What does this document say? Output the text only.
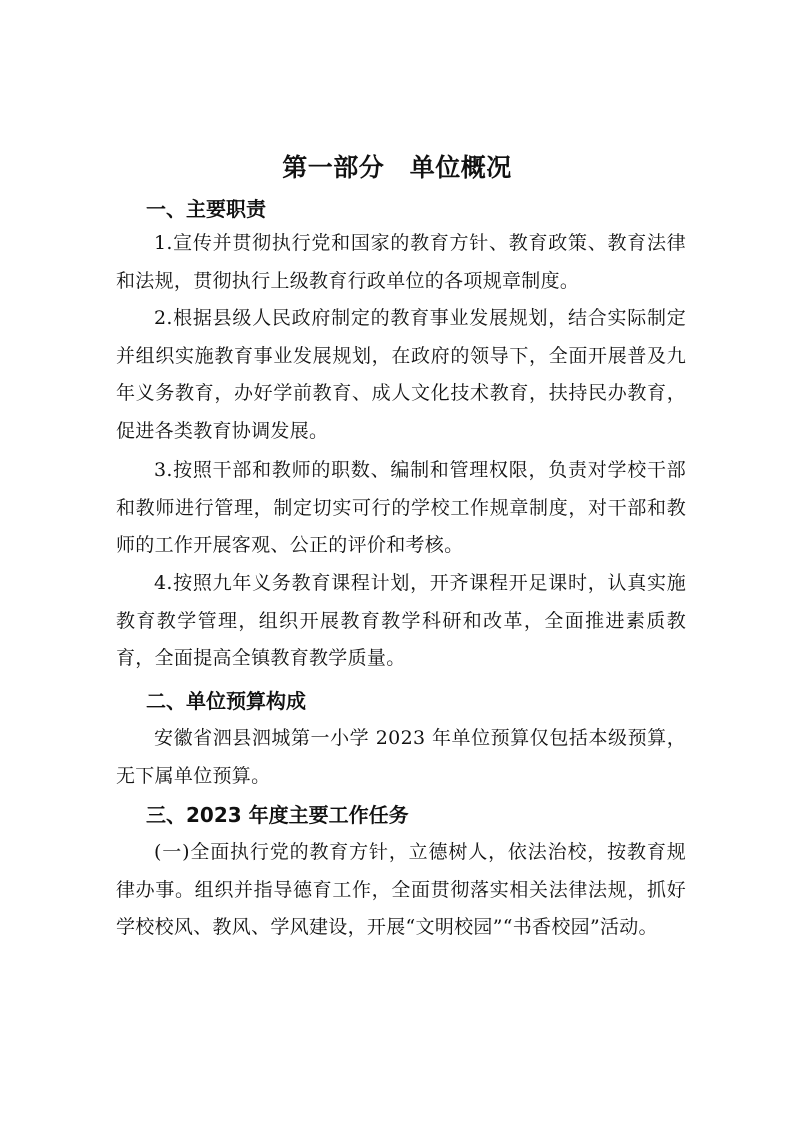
第一部分　单位概况
一、主要职责

1.宣传并贯彻执行党和国家的教育方针、教育政策、教育法律和法规，贯彻执行上级教育行政单位的各项规章制度。

2.根据县级人民政府制定的教育事业发展规划，结合实际制定并组织实施教育事业发展规划，在政府的领导下，全面开展普及九年义务教育，办好学前教育、成人文化技术教育，扶持民办教育，促进各类教育协调发展。

3.按照干部和教师的职数、编制和管理权限，负责对学校干部和教师进行管理，制定切实可行的学校工作规章制度，对干部和教师的工作开展客观、公正的评价和考核。

4.按照九年义务教育课程计划，开齐课程开足课时，认真实施教育教学管理，组织开展教育教学科研和改革，全面推进素质教育，全面提高全镇教育教学质量。

二、单位预算构成

安徽省泗县泗城第一小学 2023 年单位预算仅包括本级预算，无下属单位预算。

三、2023 年度主要工作任务

(一)全面执行党的教育方针，立德树人，依法治校，按教育规律办事。组织并指导德育工作，全面贯彻落实相关法律法规，抓好学校校风、教风、学风建设，开展“文明校园”“书香校园”活动。
